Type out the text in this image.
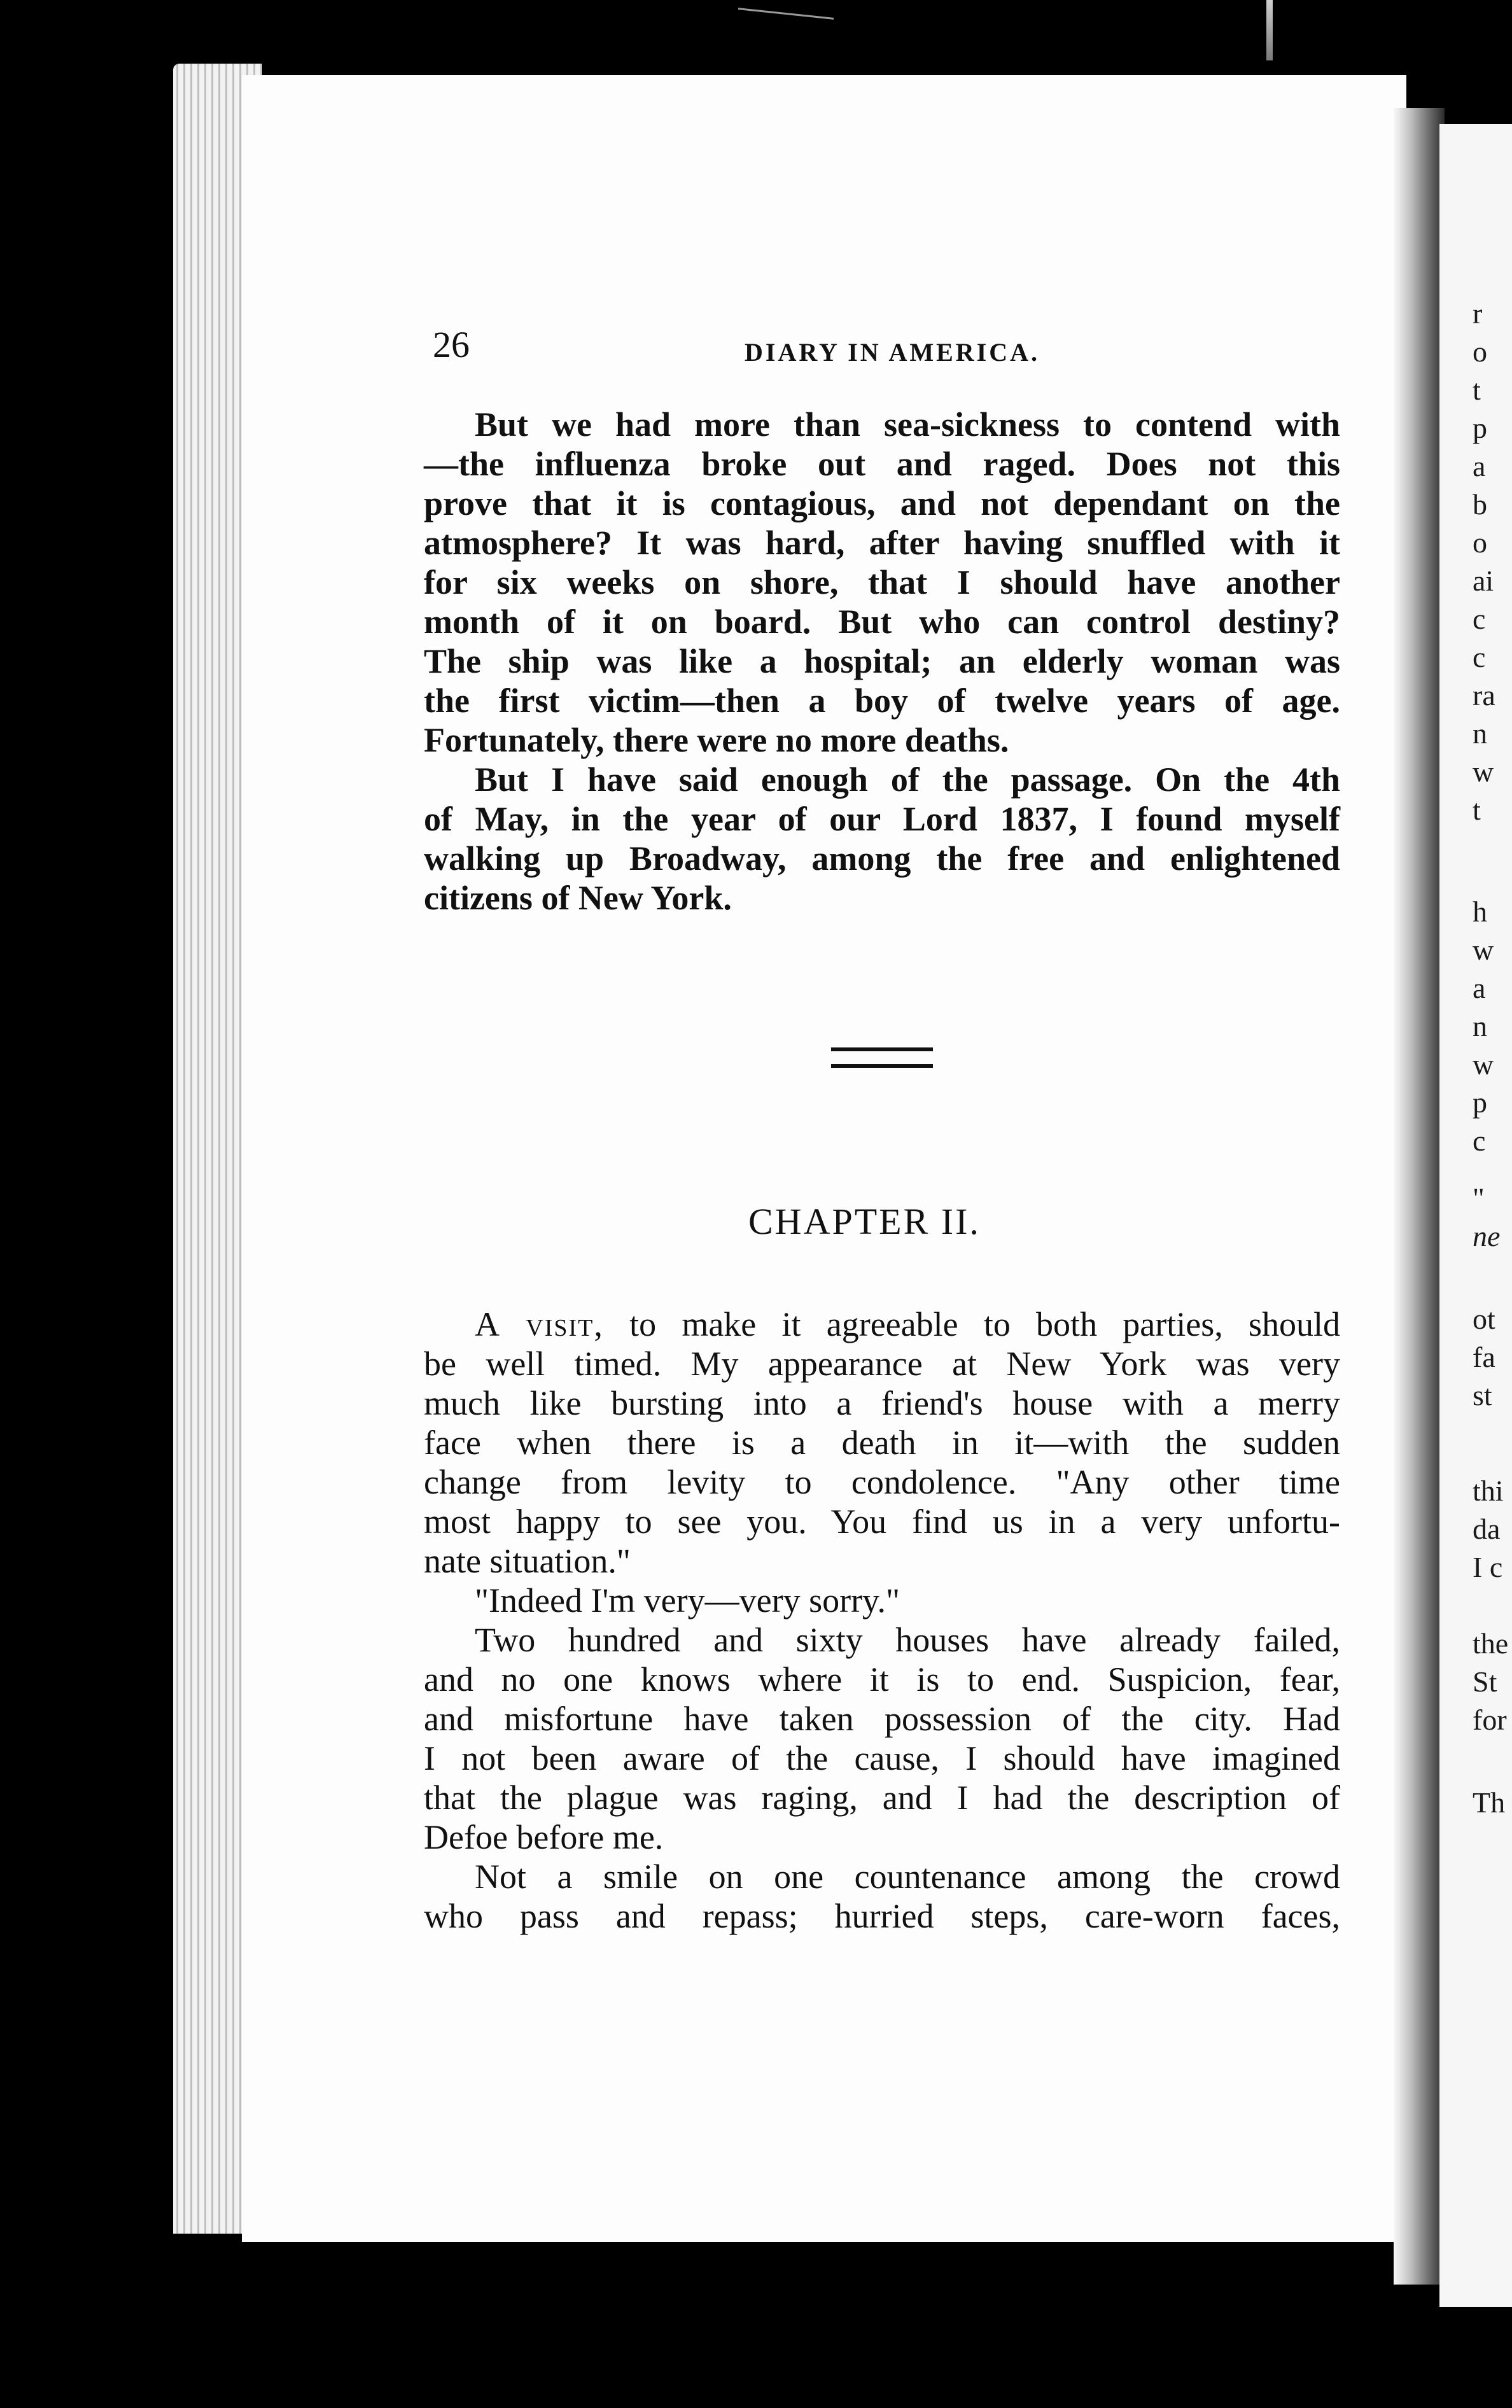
r
o
t
p
a
b
o
ai
c
c
ra
n
w
t
h
w
a
n
w
p
c
"
ne
ot
fa
st
thi
da
I c
the
St
for
Th
26	DIARY IN AMERICA.
But we had more than sea-sickness to contend with
—the influenza broke out and raged. Does not this
prove that it is contagious, and not dependant on the
atmosphere? It was hard, after having snuffled with it
for six weeks on shore, that I should have another
month of it on board. But who can control destiny?
The ship was like a hospital; an elderly woman was
the first victim—then a boy of twelve years of age.
Fortunately, there were no more deaths.
But I have said enough of the passage. On the 4th
of May, in the year of our Lord 1837, I found myself
walking up Broadway, among the free and enlightened
citizens of New York.
CHAPTER II.
A visit, to make it agreeable to both parties, should
be well timed. My appearance at New York was very
much like bursting into a friend's house with a merry
face when there is a death in it—with the sudden
change from levity to condolence. "Any other time
most happy to see you. You find us in a very unfortu-
nate situation."
"Indeed I'm very—very sorry."
Two hundred and sixty houses have already failed,
and no one knows where it is to end. Suspicion, fear,
and misfortune have taken possession of the city. Had
I not been aware of the cause, I should have imagined
that the plague was raging, and I had the description of
Defoe before me.
Not a smile on one countenance among the crowd
who pass and repass; hurried steps, care-worn faces,
